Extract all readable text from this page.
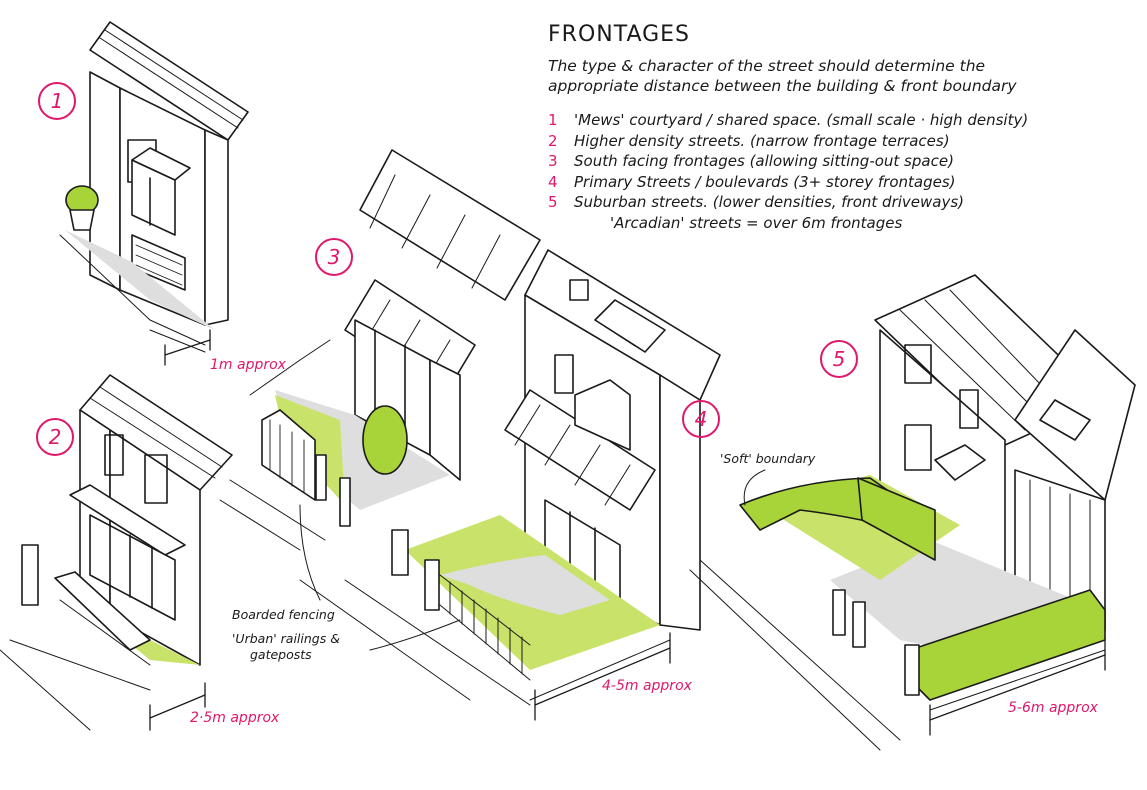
FRONTAGES
The type & character of the street should determine the
appropriate distance between the building & front boundary
1 'Mews' courtyard / shared space. (small scale · high density)
2 Higher density streets. (narrow frontage terraces)
3 South facing frontages (allowing sitting-out space)
4 Primary Streets / boulevards (3+ storey frontages)
5 Suburban streets. (lower densities, front driveways)
'Arcadian' streets = over 6m frontages
1
2
3
4
5
1m approx
2·5m approx
4-5m approx
5-6m approx
'Soft' boundary
Boarded fencing
'Urban' railings &
gateposts
